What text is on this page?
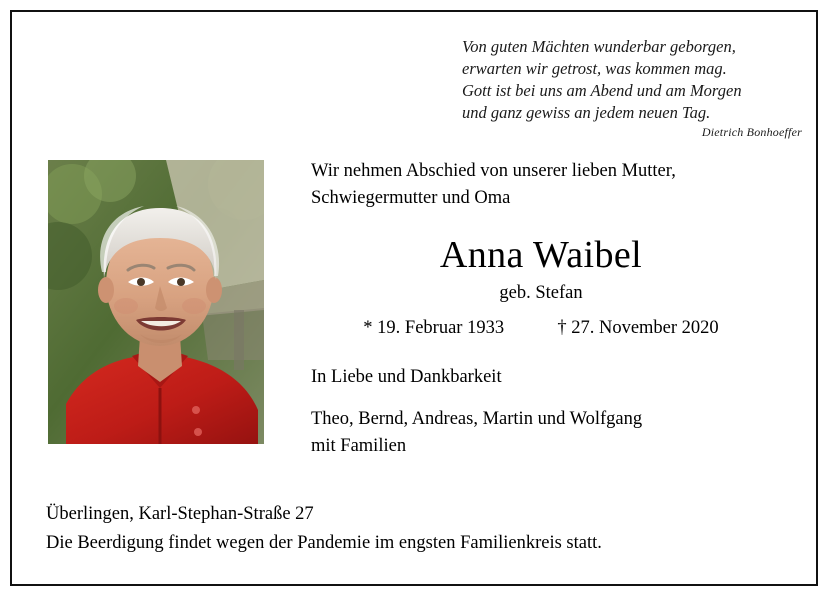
Von guten Mächten wunderbar geborgen,
erwarten wir getrost, was kommen mag.
Gott ist bei uns am Abend und am Morgen
und ganz gewiss an jedem neuen Tag.
Dietrich Bonhoeffer
Wir nehmen Abschied von unserer lieben Mutter,
Schwiegermutter und Oma
Anna Waibel
geb. Stefan
* 19. Februar 1933	† 27. November 2020
In Liebe und Dankbarkeit
Theo, Bernd, Andreas, Martin und Wolfgang
mit Familien
Überlingen, Karl-Stephan-Straße 27
Die Beerdigung findet wegen der Pandemie im engsten Familienkreis statt.
